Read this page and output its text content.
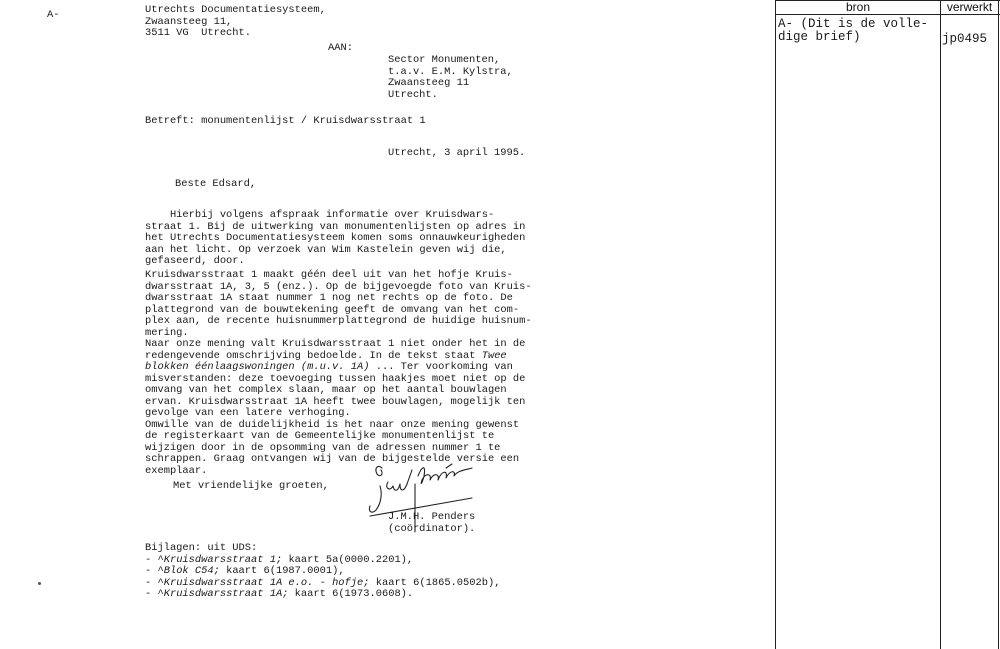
A-	Utrechts Documentatiesysteem,
Zwaansteeg 11,
3511 VG  Utrecht.
AAN:
Sector Monumenten,
t.a.v. E.M. Kylstra,
Zwaansteeg 11
Utrecht.
Betreft: monumentenlijst / Kruisdwarsstraat 1
Utrecht, 3 april 1995.
Beste Edsard,
Hierbij volgens afspraak informatie over Kruisdwars-
straat 1. Bij de uitwerking van monumentenlijsten op adres in
het Utrechts Documentatiesysteem komen soms onnauwkeurigheden
aan het licht. Op verzoek van Wim Kastelein geven wij die,
gefaseerd, door.
Kruisdwarsstraat 1 maakt géén deel uit van het hofje Kruis-
dwarsstraat 1A, 3, 5 (enz.). Op de bijgevoegde foto van Kruis-
dwarsstraat 1A staat nummer 1 nog net rechts op de foto. De
plattegrond van de bouwtekening geeft de omvang van het com-
plex aan, de recente huisnummerplattegrond de huidige huisnum-
mering.
Naar onze mening valt Kruisdwarsstraat 1 niet onder het in de
redengevende omschrijving bedoelde. In de tekst staat Twee
blokken éénlaagswoningen (m.u.v. 1A) ... Ter voorkoming van
misverstanden: deze toevoeging tussen haakjes moet niet op de
omvang van het complex slaan, maar op het aantal bouwlagen
ervan. Kruisdwarsstraat 1A heeft twee bouwlagen, mogelijk ten
gevolge van een latere verhoging.
Omwille van de duidelijkheid is het naar onze mening gewenst
de registerkaart van de Gemeentelijke monumentenlijst te
wijzigen door in de opsomming van de adressen nummer 1 te
schrappen. Graag ontvangen wij van de bijgestelde versie een
exemplaar.
Met vriendelijke groeten,
J.M.H. Penders
(coördinator).
Bijlagen: uit UDS:
- ^Kruisdwarsstraat 1; kaart 5a(0000.2201),
- ^Blok C54; kaart 6(1987.0001),
- ^Kruisdwarsstraat 1A e.o. - hofje; kaart 6(1865.0502b),
- ^Kruisdwarsstraat 1A; kaart 6(1973.0608).
bron	verwerkt
A- (Dit is de volle-
dige brief)	jp0495
